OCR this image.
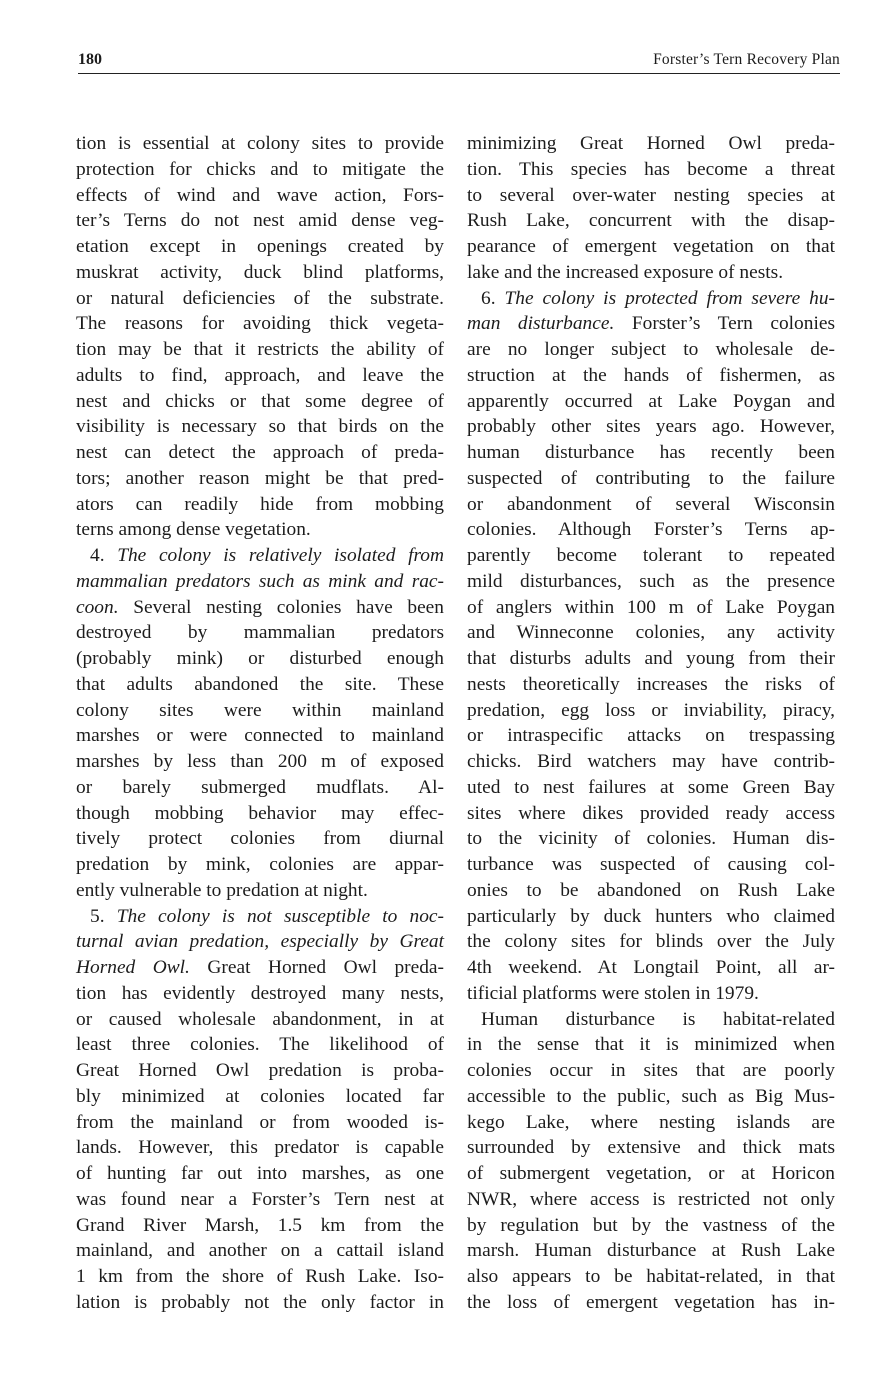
180	Forster’s Tern Recovery Plan
tion is essential at colony sites to provide
protection for chicks and to mitigate the
effects of wind and wave action, Fors-
ter’s Terns do not nest amid dense veg-
etation except in openings created by
muskrat activity, duck blind platforms,
or natural deficiencies of the substrate.
The reasons for avoiding thick vegeta-
tion may be that it restricts the ability of
adults to find, approach, and leave the
nest and chicks or that some degree of
visibility is necessary so that birds on the
nest can detect the approach of preda-
tors; another reason might be that pred-
ators can readily hide from mobbing
terns among dense vegetation.
4. The colony is relatively isolated from
mammalian predators such as mink and rac-
coon. Several nesting colonies have been
destroyed by mammalian predators
(probably mink) or disturbed enough
that adults abandoned the site. These
colony sites were within mainland
marshes or were connected to mainland
marshes by less than 200 m of exposed
or barely submerged mudflats. Al-
though mobbing behavior may effec-
tively protect colonies from diurnal
predation by mink, colonies are appar-
ently vulnerable to predation at night.
5. The colony is not susceptible to noc-
turnal avian predation, especially by Great
Horned Owl. Great Horned Owl preda-
tion has evidently destroyed many nests,
or caused wholesale abandonment, in at
least three colonies. The likelihood of
Great Horned Owl predation is proba-
bly minimized at colonies located far
from the mainland or from wooded is-
lands. However, this predator is capable
of hunting far out into marshes, as one
was found near a Forster’s Tern nest at
Grand River Marsh, 1.5 km from the
mainland, and another on a cattail island
1 km from the shore of Rush Lake. Iso-
lation is probably not the only factor in
minimizing Great Horned Owl preda-
tion. This species has become a threat
to several over-water nesting species at
Rush Lake, concurrent with the disap-
pearance of emergent vegetation on that
lake and the increased exposure of nests.
6. The colony is protected from severe hu-
man disturbance. Forster’s Tern colonies
are no longer subject to wholesale de-
struction at the hands of fishermen, as
apparently occurred at Lake Poygan and
probably other sites years ago. However,
human disturbance has recently been
suspected of contributing to the failure
or abandonment of several Wisconsin
colonies. Although Forster’s Terns ap-
parently become tolerant to repeated
mild disturbances, such as the presence
of anglers within 100 m of Lake Poygan
and Winneconne colonies, any activity
that disturbs adults and young from their
nests theoretically increases the risks of
predation, egg loss or inviability, piracy,
or intraspecific attacks on trespassing
chicks. Bird watchers may have contrib-
uted to nest failures at some Green Bay
sites where dikes provided ready access
to the vicinity of colonies. Human dis-
turbance was suspected of causing col-
onies to be abandoned on Rush Lake
particularly by duck hunters who claimed
the colony sites for blinds over the July
4th weekend. At Longtail Point, all ar-
tificial platforms were stolen in 1979.
Human disturbance is habitat-related
in the sense that it is minimized when
colonies occur in sites that are poorly
accessible to the public, such as Big Mus-
kego Lake, where nesting islands are
surrounded by extensive and thick mats
of submergent vegetation, or at Horicon
NWR, where access is restricted not only
by regulation but by the vastness of the
marsh. Human disturbance at Rush Lake
also appears to be habitat-related, in that
the loss of emergent vegetation has in-
